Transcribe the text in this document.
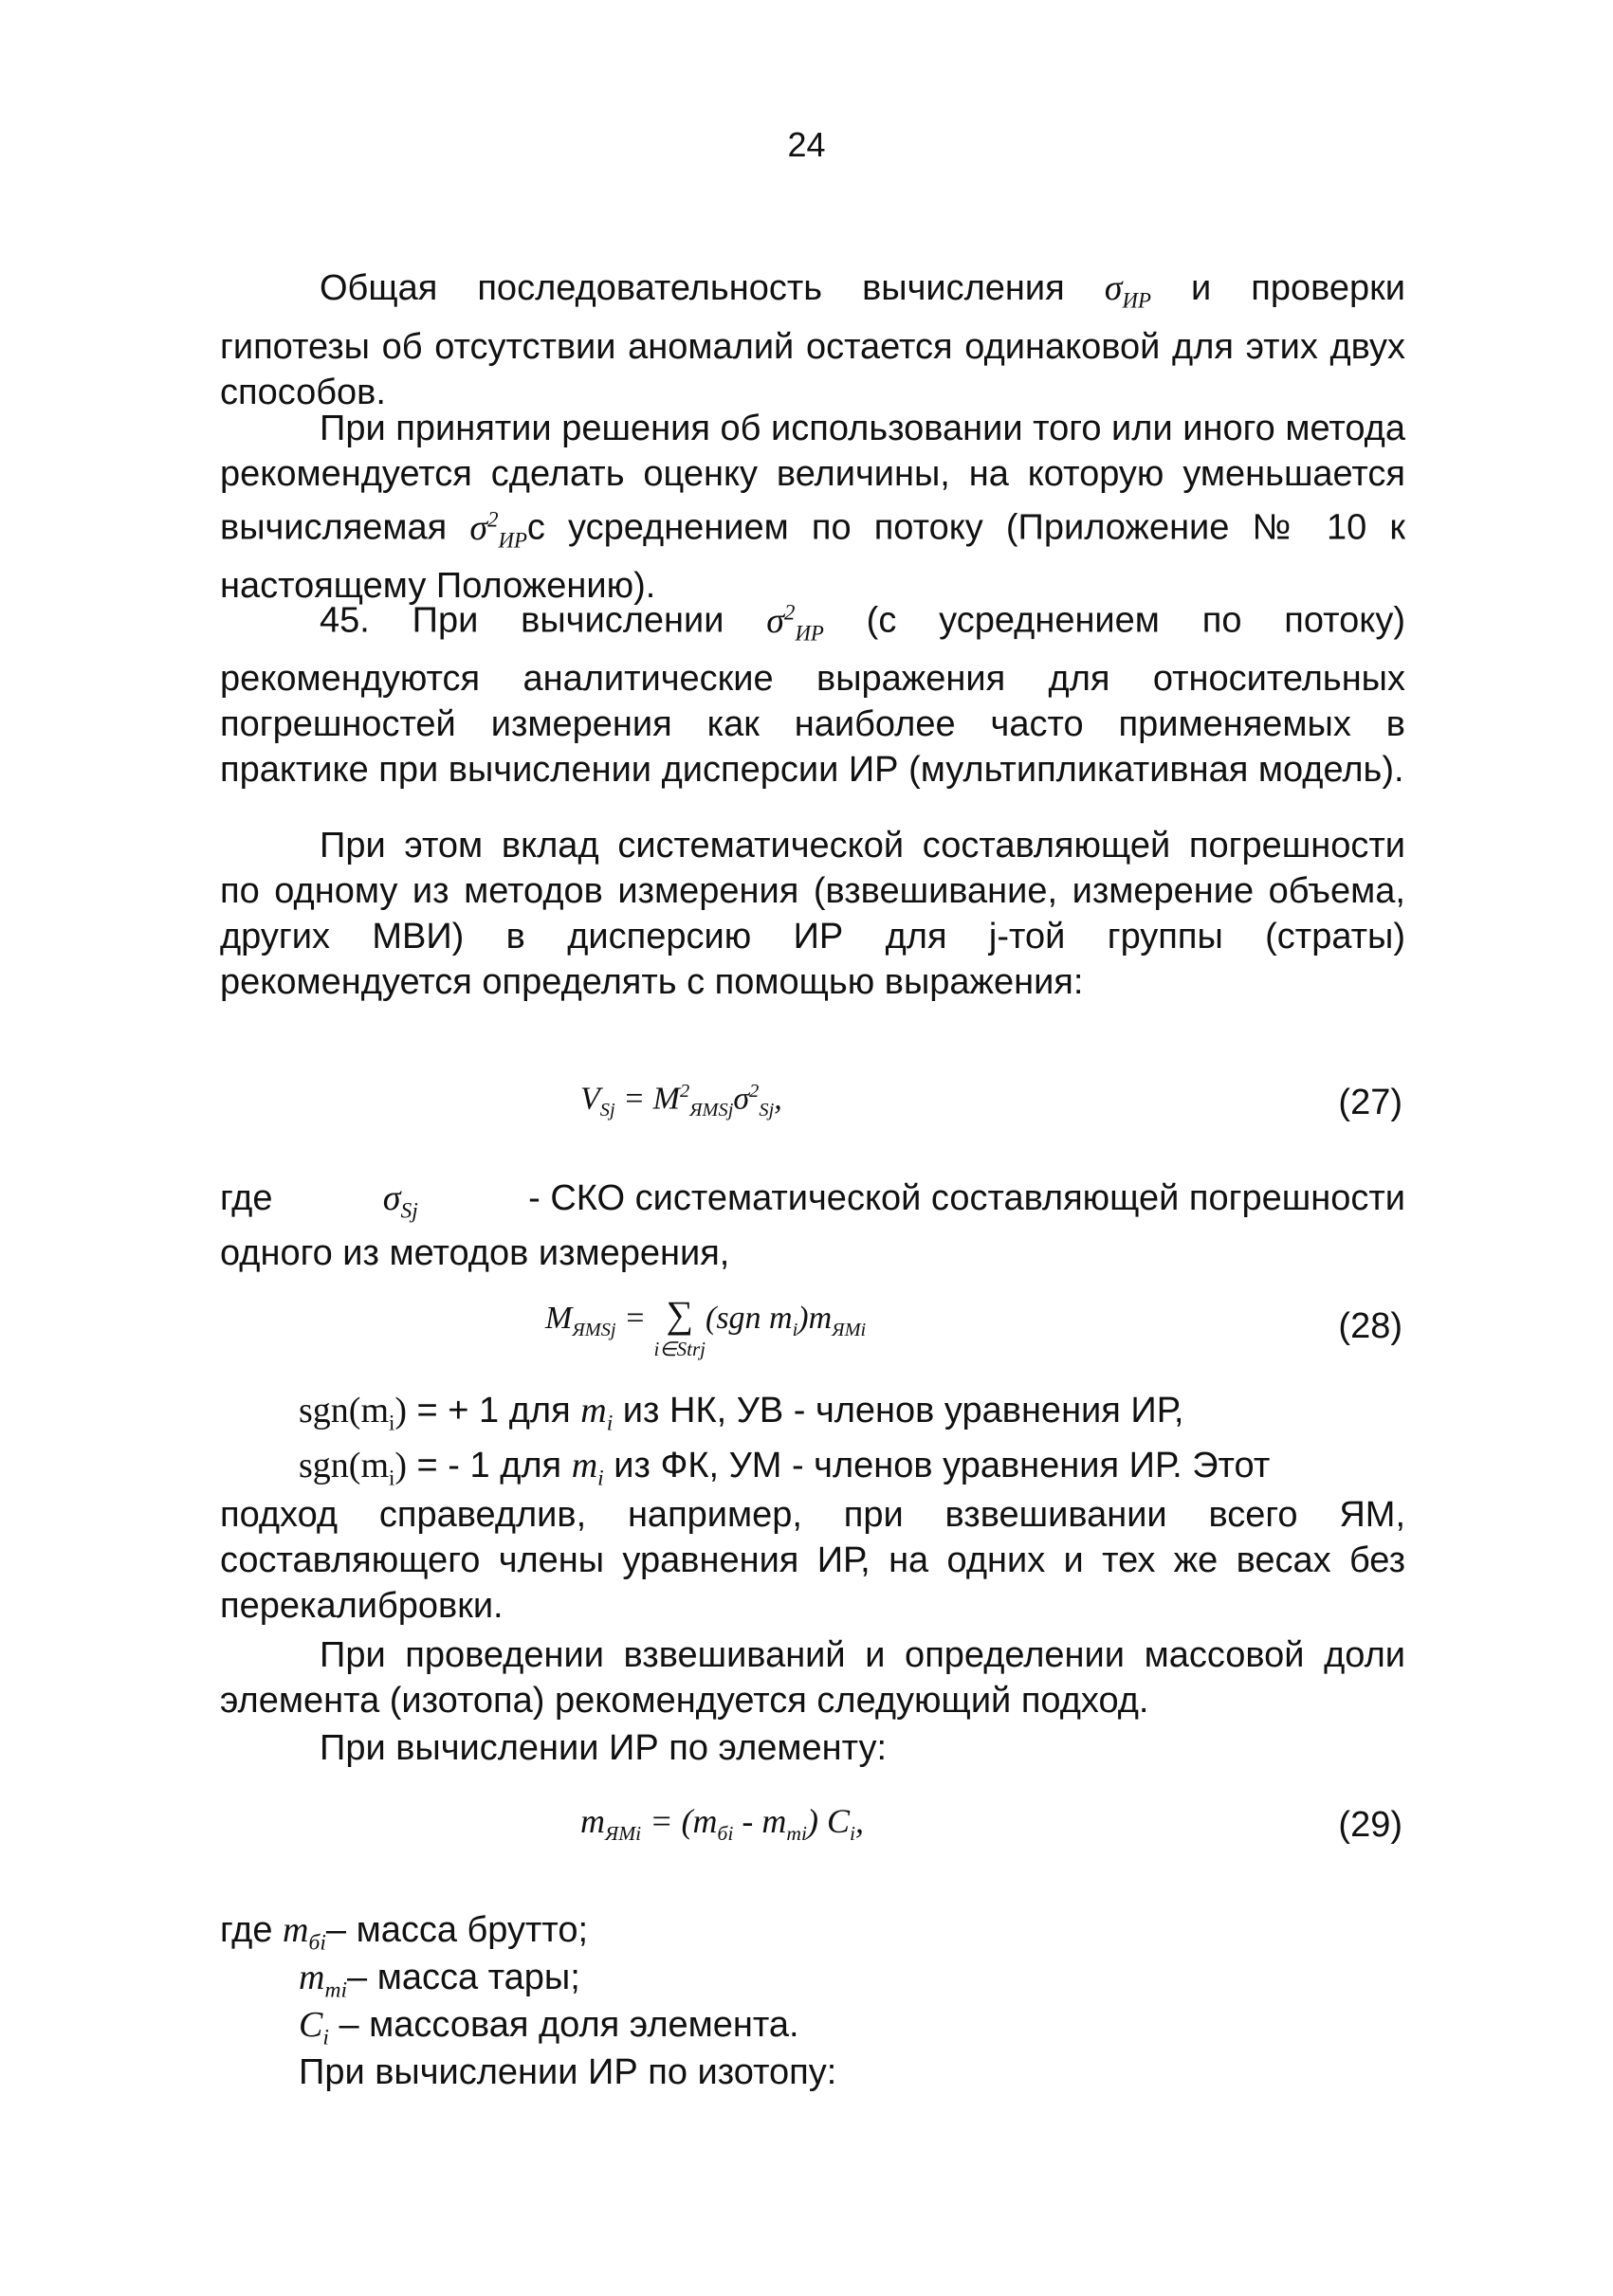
24
Общая последовательность вычисления $\sigma_{ИР}$ и проверки гипотезы об отсутствии аномалий остается одинаковой для этих двух способов.
При принятии решения об использовании того или иного метода рекомендуется сделать оценку величины, на которую уменьшается вычисляемая $\sigma^2_{ИР}с$ усреднением по потоку (Приложение № 10 к настоящему Положению).
45. При вычислении $\sigma^2_{ИР}$ (с усреднением по потоку) рекомендуются аналитические выражения для относительных погрешностей измерения как наиболее часто применяемых в практике при вычислении дисперсии ИР (мультипликативная модель).
При этом вклад систематической составляющей погрешности по одному из методов измерения (взвешивание, измерение объема, других МВИ) в дисперсию ИР для j-той группы (страты) рекомендуется определять с помощью выражения:
$V_{Sj} = M^2_{ЯМSj}\sigma^2_{Sj}$,	(27)
где	$\sigma_{Sj}$	- СКО систематической составляющей погрешности
одного из методов измерения,
$M_{ЯМSj}$ = ∑
i∈Strj(sgn $m_i)m_{ЯМi}$	(28)
$sgn(m_i)$ = + 1 для $m_i$ из НК, УВ - членов уравнения ИР,
$sgn(m_i)$ = - 1 для $m_i$ из ФК, УМ - членов уравнения ИР. Этот
подход справедлив, например, при взвешивании всего ЯМ, составляющего члены уравнения ИР, на одних и тех же весах без перекалибровки.
При проведении взвешиваний и определении массовой доли элемента (изотопа) рекомендуется следующий подход.
При вычислении ИР по элементу:
$m_{ЯМi} = (m_{бi} - m_{mi})$ $C_i$,	(29)
где $m_{бi}-$ масса брутто;
$m_{mi}-$ масса тары;
$C_i$ – массовая доля элемента.
При вычислении ИР по изотопу:
